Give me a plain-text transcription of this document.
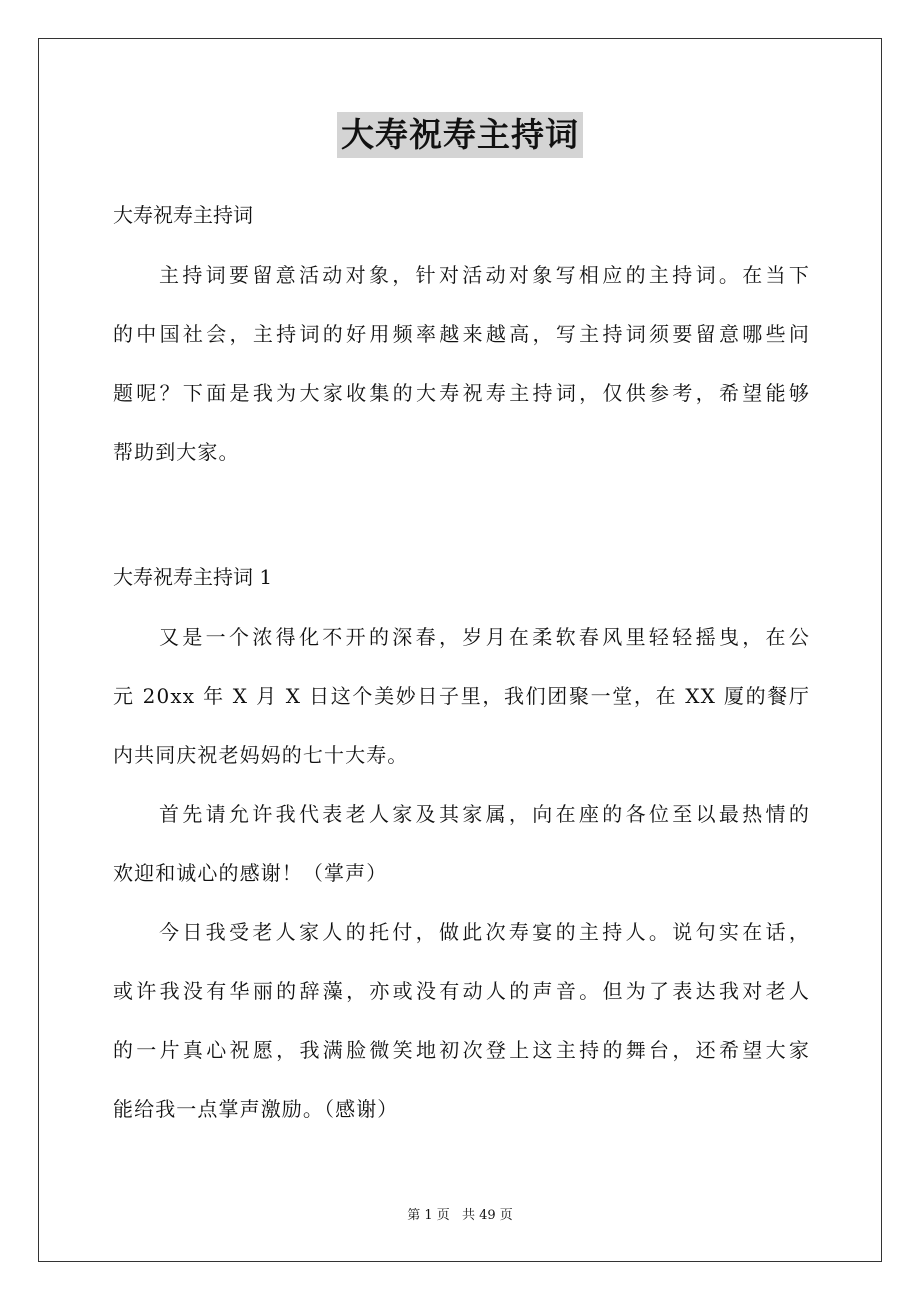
大寿祝寿主持词
大寿祝寿主持词
主持词要留意活动对象，针对活动对象写相应的主持词。在当下
的中国社会，主持词的好用频率越来越高，写主持词须要留意哪些问
题呢？下面是我为大家收集的大寿祝寿主持词，仅供参考，希望能够
帮助到大家。
大寿祝寿主持词 1
又是一个浓得化不开的深春，岁月在柔软春风里轻轻摇曳，在公
元 20xx 年 X 月 X 日这个美妙日子里，我们团聚一堂，在 XX 厦的餐厅
内共同庆祝老妈妈的七十大寿。
首先请允许我代表老人家及其家属，向在座的各位至以最热情的
欢迎和诚心的感谢！（掌声）
今日我受老人家人的托付，做此次寿宴的主持人。说句实在话，
或许我没有华丽的辞藻，亦或没有动人的声音。但为了表达我对老人
的一片真心祝愿，我满脸微笑地初次登上这主持的舞台，还希望大家
能给我一点掌声激励。（感谢）
第 1 页 共 49 页
